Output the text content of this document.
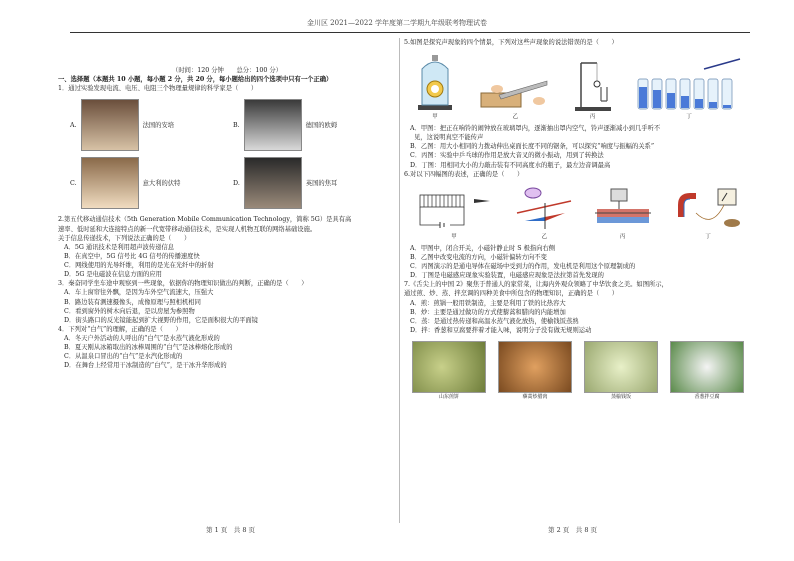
金川区 2021—2022 学年度第二学期九年级联考物理试卷

（时间：120 分钟　　总分：100 分）

一、选择题（本题共 10 小题，每小题 2 分，共 20 分，每小题给出的四个选项中只有一个正确）

1．通过实验发现电流、电压、电阻三个物理量规律的科学家是（　　）

A.	法国的安培	B.	德国的欧姆
C.	意大利的伏特	D.	英国的焦耳

2.第五代移动通信技术（5th Generation Mobile Communication Technology，简称 5G）是具有高

速率、低时延和大连接特点的新一代宽带移动通信技术，是实现人机物互联的网络基础设施。

关于信息传递技术，下列说法正确的是（　　）

A．5G 通讯技术是利用超声波传递信息

B．在真空中，5G 信号比 4G 信号的传播速度快

C．网线使用的光导纤维，利用的是光在光纤中的折射

D．5G 是电磁波在信息方面的应用

3．秦奋同学坐车途中观察到一些现象，依据你的物理知识做出的判断，正确的是（　　）

A．车上窗帘往外飘，是因为车外空气流速大，压强大

B．路边装有测速摄像头，成像原理与照相机相同

C．看到窗外的树木向后退，是以房屋为参照物

D．街头路口的反光镜能起到扩大视野的作用，它是面积很大的平面镜

4．下列对“白气”的理解，正确的是（　　）

A．冬天户外活动的人呼出的“白气”是水蒸气液化形成的

B．夏天刚从冰箱取出的冰棒周围的“白气”是冰棒熔化形成的

C．从温泉口冒出的“白气”是水汽化形成的

D．在舞台上经常用干冰制造的“白气”，是干冰升华形成的

5.如图是探究声现象的四个情景，下列对这些声现象的说法错误的是（　　）

甲	乙	丙	丁

A．甲图：把正在响铃的闹钟放在玻璃罩内，逐渐抽出罩内空气，铃声逐渐减小到几乎听不

见，这说明真空不能传声

B．乙图：用大小相同的力拨动伸出桌面长度不同的锯条，可以探究“响度与振幅的关系”

C．丙图：实验中乒乓球的作用是放大音叉的微小振动，用到了转换法

D．丁图：用相同大小的力敲击装有不同高度水的瓶子，最左边音调最高

6.对以下四幅图的表述，正确的是（　　）

甲	乙	丙	丁

A．甲图中，闭合开关，小磁针静止时 S 极指向右侧

B．乙图中改变电流的方向，小磁针偏转方向不变

C．丙图演示的是通电导体在磁场中受到力的作用，发电机是利用这个原理制成的

D．丁图是电磁感应现象实验装置，电磁感应现象是法拉第首先发现的

7.《舌尖上的中国 2》聚焦于普通人的家常菜，让海内外观众领略了中华饮食之美。如图所示，

通过煎、炒、蒸、拌烹调的四种美食中所包含的物理知识，正确的是（　　）

A．煎：煎锅一般用铁制造，主要是利用了铁的比热容大

B．炒：主要是通过做功的方式使藜蒿和腊肉的内能增加

C．蒸：是通过热传递和高温水蒸气液化放热，使榆钱饭蒸熟

D．拌：香葱和豆腐要拌着才能入味，说明分子没有做无规则运动

山东煎饼	藜蒿炒腊肉	蒸榆钱饭	香葱拌豆腐
第 1 页　共 8 页	第 2 页　共 8 页
